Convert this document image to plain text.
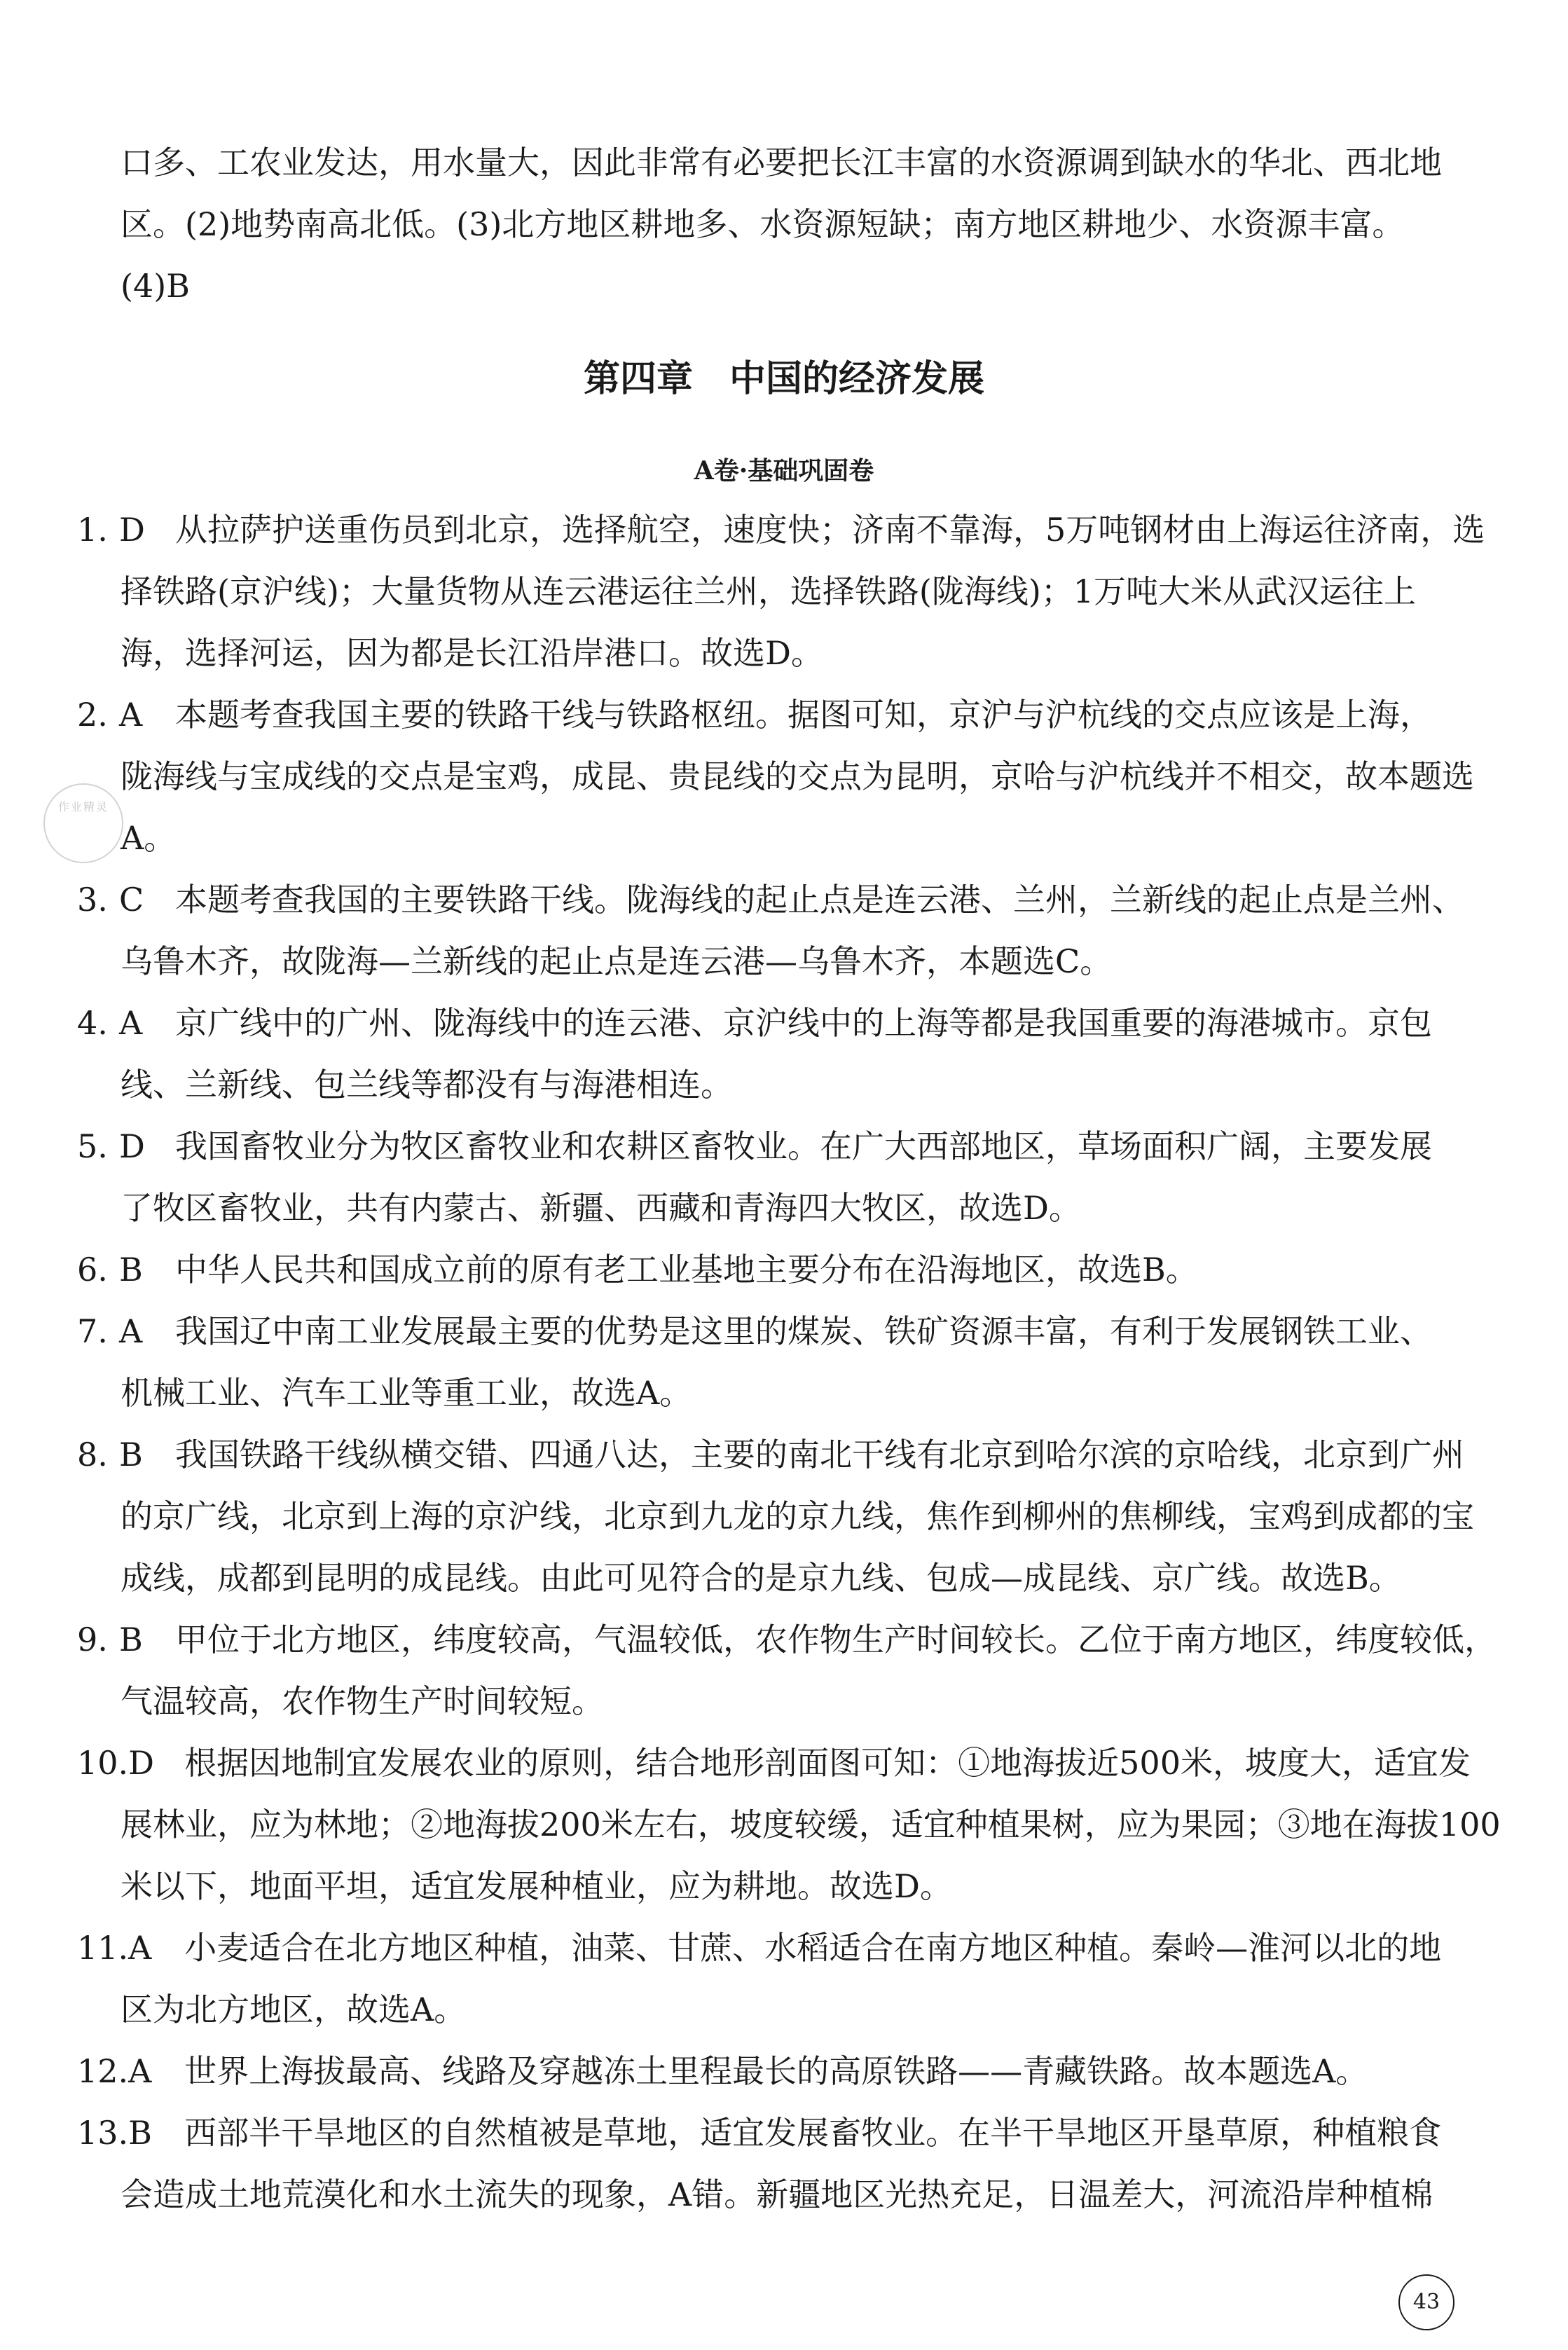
口多、工农业发达，用水量大，因此非常有必要把长江丰富的水资源调到缺水的华北、西北地
区。(2)地势南高北低。(3)北方地区耕地多、水资源短缺；南方地区耕地少、水资源丰富。
(4)B
第四章 中国的经济发展
A卷·基础巩固卷
作业精灵
1. D 从拉萨护送重伤员到北京，选择航空，速度快；济南不靠海，5万吨钢材由上海运往济南，选
择铁路(京沪线)；大量货物从连云港运往兰州，选择铁路(陇海线)；1万吨大米从武汉运往上
海，选择河运，因为都是长江沿岸港口。故选D。
2. A 本题考查我国主要的铁路干线与铁路枢纽。据图可知，京沪与沪杭线的交点应该是上海，
陇海线与宝成线的交点是宝鸡，成昆、贵昆线的交点为昆明，京哈与沪杭线并不相交，故本题选
A。
3. C 本题考查我国的主要铁路干线。陇海线的起止点是连云港、兰州，兰新线的起止点是兰州、
乌鲁木齐，故陇海—兰新线的起止点是连云港—乌鲁木齐，本题选C。
4. A 京广线中的广州、陇海线中的连云港、京沪线中的上海等都是我国重要的海港城市。京包
线、兰新线、包兰线等都没有与海港相连。
5. D 我国畜牧业分为牧区畜牧业和农耕区畜牧业。在广大西部地区，草场面积广阔，主要发展
了牧区畜牧业，共有内蒙古、新疆、西藏和青海四大牧区，故选D。
6. B 中华人民共和国成立前的原有老工业基地主要分布在沿海地区，故选B。
7. A 我国辽中南工业发展最主要的优势是这里的煤炭、铁矿资源丰富，有利于发展钢铁工业、
机械工业、汽车工业等重工业，故选A。
8. B 我国铁路干线纵横交错、四通八达，主要的南北干线有北京到哈尔滨的京哈线，北京到广州
的京广线，北京到上海的京沪线，北京到九龙的京九线，焦作到柳州的焦柳线，宝鸡到成都的宝
成线，成都到昆明的成昆线。由此可见符合的是京九线、包成—成昆线、京广线。故选B。
9. B 甲位于北方地区，纬度较高，气温较低，农作物生产时间较长。乙位于南方地区，纬度较低，
气温较高，农作物生产时间较短。
10.D 根据因地制宜发展农业的原则，结合地形剖面图可知：①地海拔近500米，坡度大，适宜发
展林业，应为林地；②地海拔200米左右，坡度较缓，适宜种植果树，应为果园；③地在海拔100
米以下，地面平坦，适宜发展种植业，应为耕地。故选D。
11.A 小麦适合在北方地区种植，油菜、甘蔗、水稻适合在南方地区种植。秦岭—淮河以北的地
区为北方地区，故选A。
12.A 世界上海拔最高、线路及穿越冻土里程最长的高原铁路——青藏铁路。故本题选A。
13.B 西部半干旱地区的自然植被是草地，适宜发展畜牧业。在半干旱地区开垦草原，种植粮食
会造成土地荒漠化和水土流失的现象，A错。新疆地区光热充足，日温差大，河流沿岸种植棉
43
